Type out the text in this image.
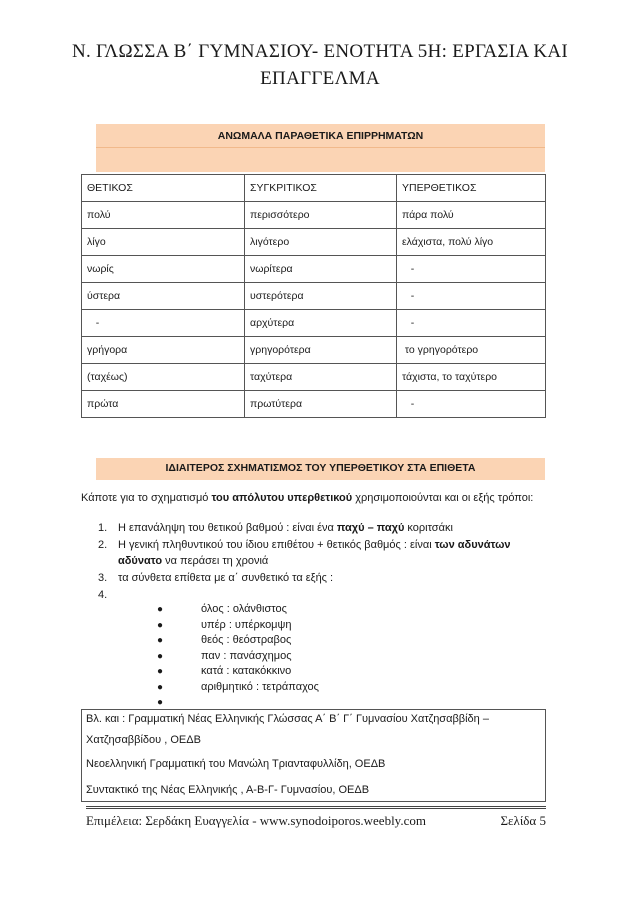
Ν. ΓΛΩΣΣΑ Β΄ ΓΥΜΝΑΣΙΟΥ- ΕΝΟΤΗΤΑ 5Η: ΕΡΓΑΣΙΑ ΚΑΙ
ΕΠΑΓΓΕΛΜΑ
ΑΝΩΜΑΛΑ ΠΑΡΑΘΕΤΙΚΑ ΕΠΙΡΡΗΜΑΤΩΝ
ΘΕΤΙΚΟΣ	ΣΥΓΚΡΙΤΙΚΟΣ	ΥΠΕΡΘΕΤΙΚΟΣ
πολύ	περισσότερο	πάρα πολύ
λίγο	λιγότερο	ελάχιστα, πολύ λίγο
νωρίς	νωρίτερα	-
ύστερα	υστερότερα	-
-	αρχύτερα	-
γρήγορα	γρηγορότερα	το γρηγορότερο
(ταχέως)	ταχύτερα	τάχιστα, το ταχύτερο
πρώτα	πρωτύτερα	-
ΙΔΙΑΙΤΕΡΟΣ ΣΧΗΜΑΤΙΣΜΟΣ ΤΟΥ ΥΠΕΡΘΕΤΙΚΟΥ ΣΤΑ ΕΠΙΘΕΤΑ

Κάποτε για το σχηματισμό του απόλυτου υπερθετικού χρησιμοποιούνται και οι εξής τρόποι:

1. Η επανάληψη του θετικού βαθμού : είναι ένα παχύ – παχύ κοριτσάκι
2. Η γενική πληθυντικού του ίδιου επιθέτου + θετικός βαθμός : είναι των αδυνάτων αδύνατο να περάσει τη χρονιά
3. τα σύνθετα επίθετα με α΄ συνθετικό τα εξής :
4.
●	όλος : ολάνθιστος
●	υπέρ : υπέρκομψη
●	θεός : θεόστραβος
●	παν : πανάσχημος
●	κατά : κατακόκκινο
●	αριθμητικό : τετράπαχος
●
Βλ. και : Γραμματική Νέας Ελληνικής Γλώσσας Α΄ Β΄ Γ΄ Γυμνασίου Χατζησαββίδη –
Χατζησαββίδου , ΟΕΔΒ
Νεοελληνική Γραμματική του Μανώλη Τριανταφυλλίδη, ΟΕΔΒ
Συντακτικό της Νέας Ελληνικής , Α-Β-Γ- Γυμνασίου, ΟΕΔΒ
Επιμέλεια: Σερδάκη Ευαγγελία - www.synodoiporos.weebly.com	Σελίδα 5
